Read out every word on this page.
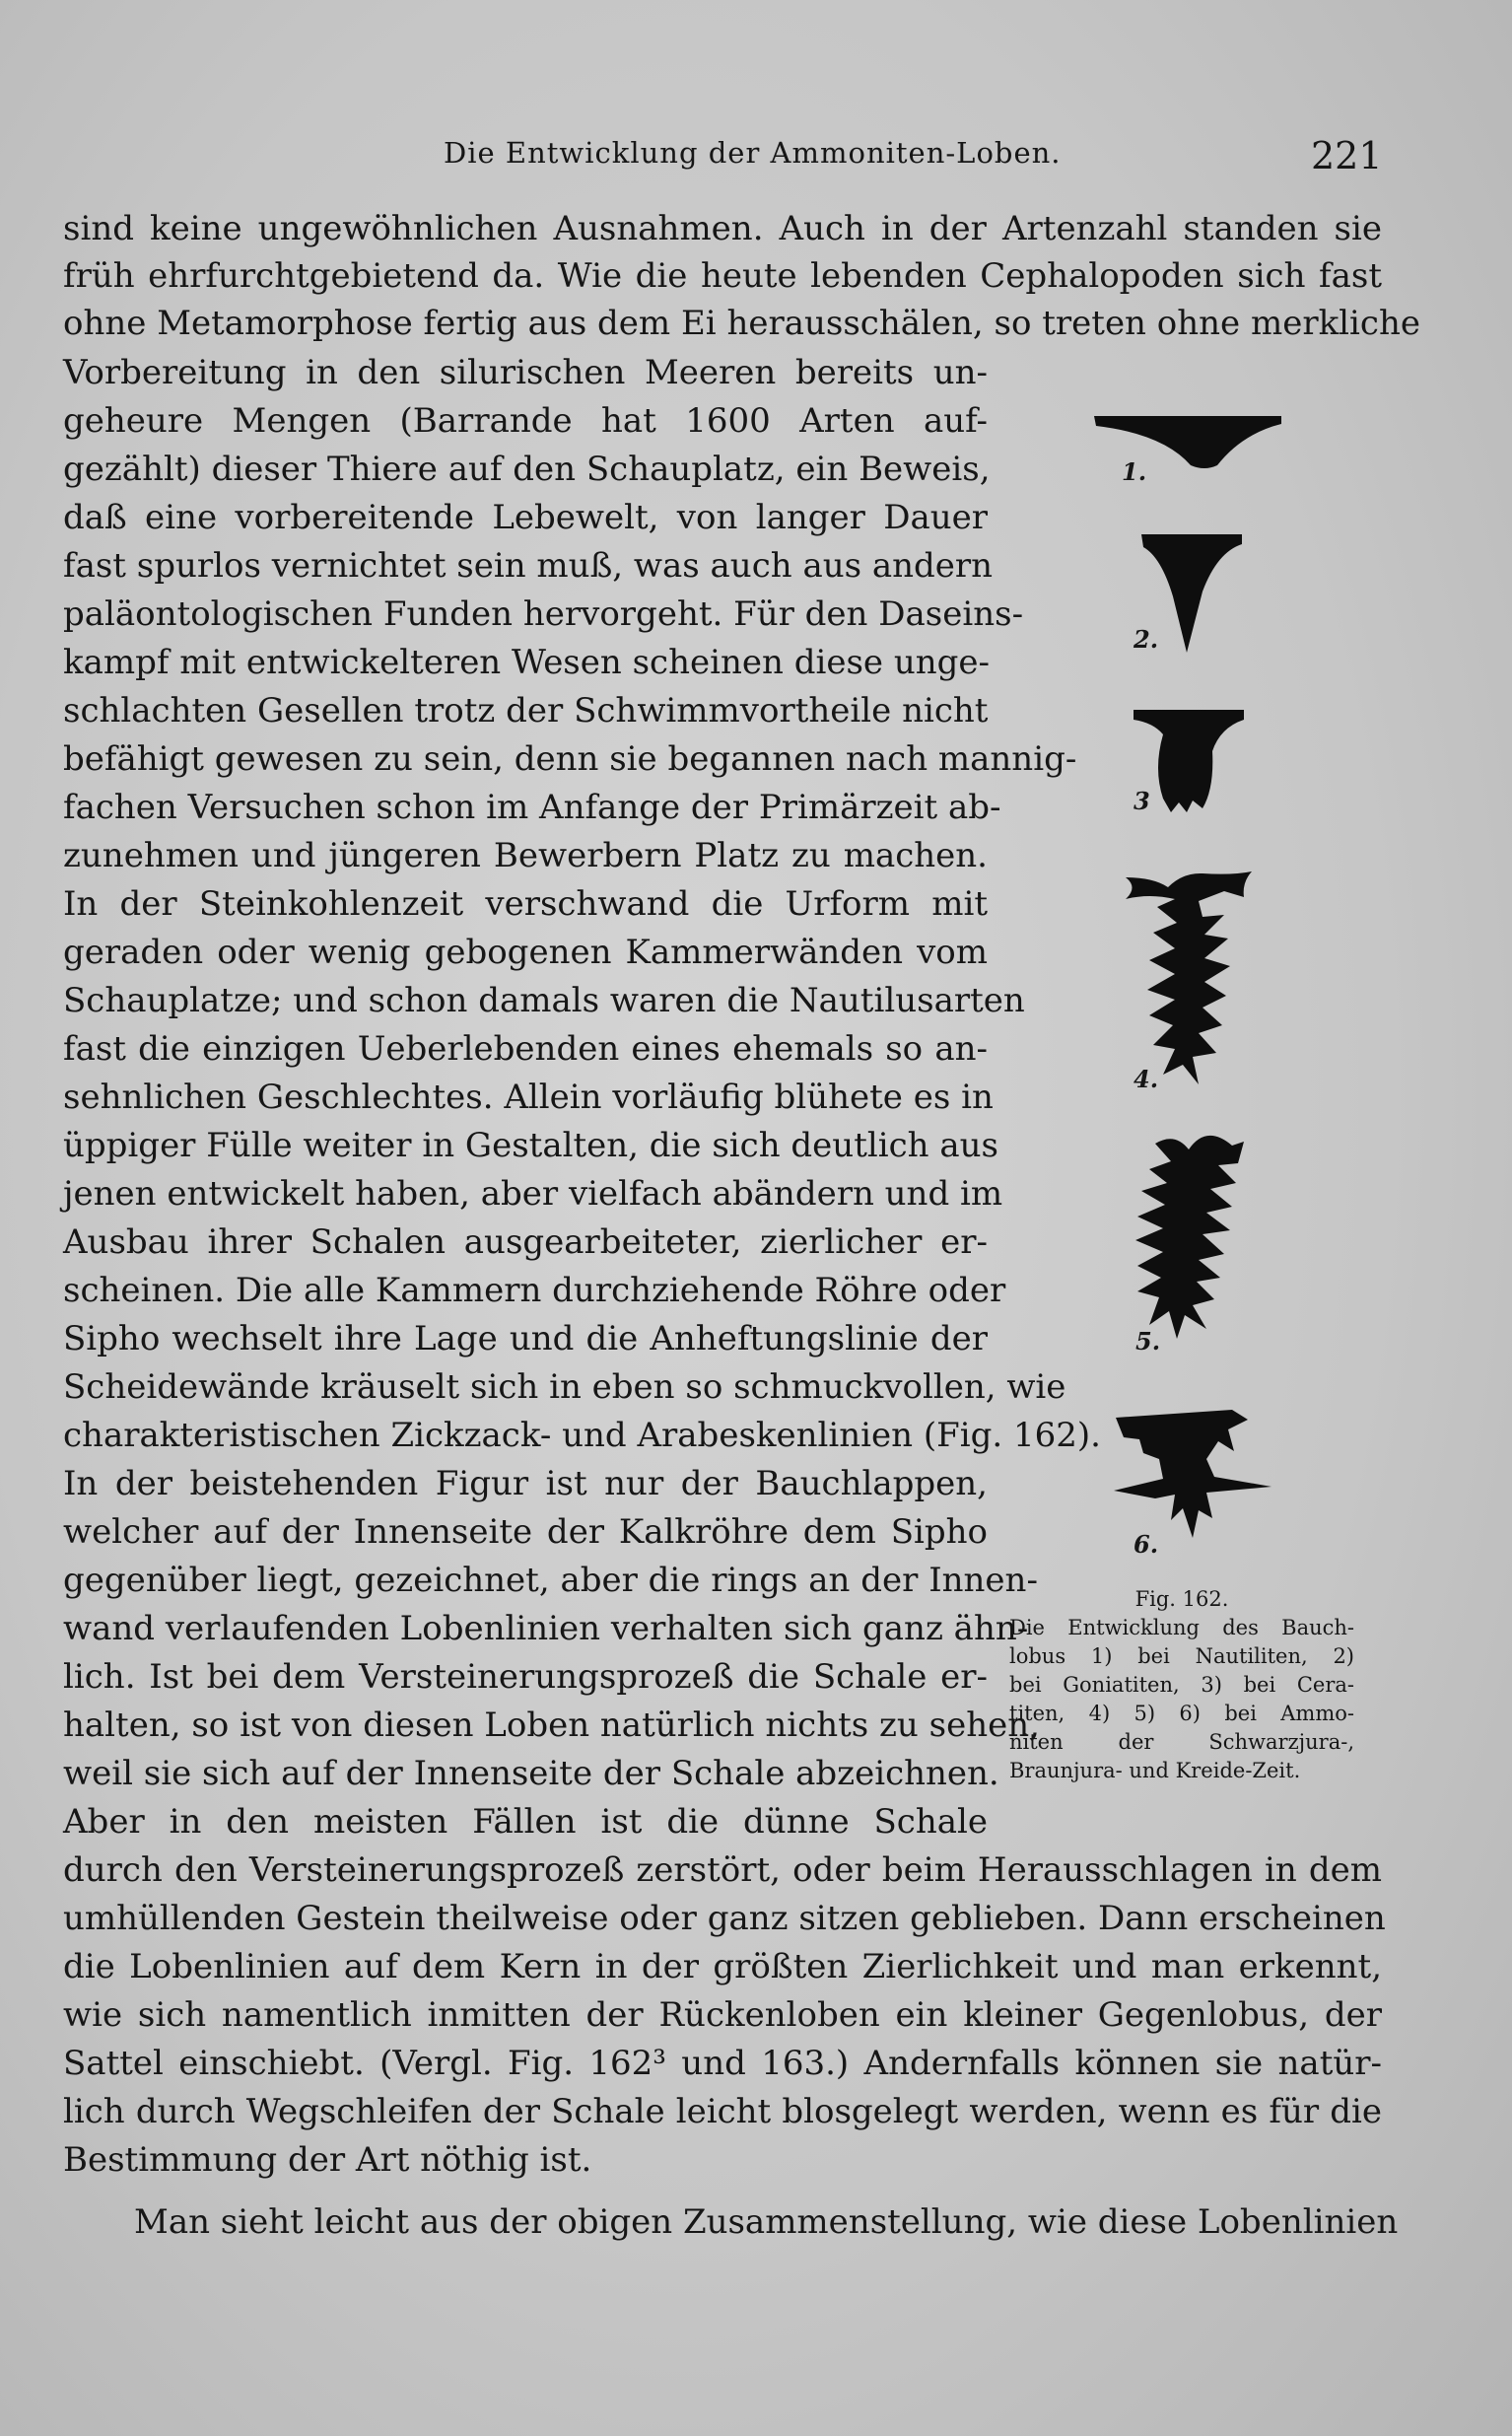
Die Entwicklung der Ammoniten-Loben.	221
sind keine ungewöhnlichen Ausnahmen. Auch in der Artenzahl standen sie
früh ehrfurchtgebietend da. Wie die heute lebenden Cephalopoden sich fast
ohne Metamorphose fertig aus dem Ei herausschälen, so treten ohne merkliche
Vorbereitung in den silurischen Meeren bereits un-
geheure Mengen (Barrande hat 1600 Arten auf-
gezählt) dieser Thiere auf den Schauplatz, ein Beweis,
daß eine vorbereitende Lebewelt, von langer Dauer
fast spurlos vernichtet sein muß, was auch aus andern
paläontologischen Funden hervorgeht. Für den Daseins-
kampf mit entwickelteren Wesen scheinen diese unge-
schlachten Gesellen trotz der Schwimmvortheile nicht
befähigt gewesen zu sein, denn sie begannen nach mannig-
fachen Versuchen schon im Anfange der Primärzeit ab-
zunehmen und jüngeren Bewerbern Platz zu machen.
In der Steinkohlenzeit verschwand die Urform mit
geraden oder wenig gebogenen Kammerwänden vom
Schauplatze; und schon damals waren die Nautilusarten
fast die einzigen Ueberlebenden eines ehemals so an-
sehnlichen Geschlechtes. Allein vorläufig blühete es in
üppiger Fülle weiter in Gestalten, die sich deutlich aus
jenen entwickelt haben, aber vielfach abändern und im
Ausbau ihrer Schalen ausgearbeiteter, zierlicher er-
scheinen. Die alle Kammern durchziehende Röhre oder
Sipho wechselt ihre Lage und die Anheftungslinie der
Scheidewände kräuselt sich in eben so schmuckvollen, wie
charakteristischen Zickzack- und Arabeskenlinien (Fig. 162).
In der beistehenden Figur ist nur der Bauchlappen,
welcher auf der Innenseite der Kalkröhre dem Sipho
gegenüber liegt, gezeichnet, aber die rings an der Innen-
wand verlaufenden Lobenlinien verhalten sich ganz ähn-
lich. Ist bei dem Versteinerungsprozeß die Schale er-
halten, so ist von diesen Loben natürlich nichts zu sehen,
weil sie sich auf der Innenseite der Schale abzeichnen.
Aber in den meisten Fällen ist die dünne Schale
durch den Versteinerungsprozeß zerstört, oder beim Herausschlagen in dem
umhüllenden Gestein theilweise oder ganz sitzen geblieben. Dann erscheinen
die Lobenlinien auf dem Kern in der größten Zierlichkeit und man erkennt,
wie sich namentlich inmitten der Rückenloben ein kleiner Gegenlobus, der
Sattel einschiebt. (Vergl. Fig. 162³ und 163.) Andernfalls können sie natür-
lich durch Wegschleifen der Schale leicht blosgelegt werden, wenn es für die
Bestimmung der Art nöthig ist.
Man sieht leicht aus der obigen Zusammenstellung, wie diese Lobenlinien
1.
2.
3
4.
5.
6.
Fig. 162.
Die Entwicklung des Bauch-
lobus 1) bei Nautiliten, 2)
bei Goniatiten, 3) bei Cera-
titen, 4) 5) 6) bei Ammo-
niten der Schwarzjura-,
Braunjura- und Kreide-Zeit.
